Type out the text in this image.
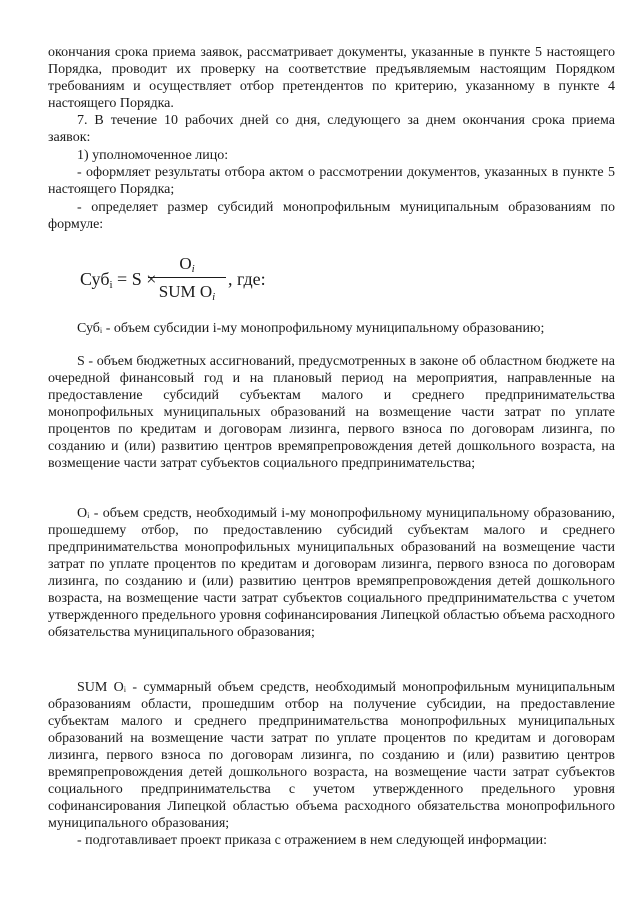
окончания срока приема заявок, рассматривает документы, указанные в пункте 5 настоящего Порядка, проводит их проверку на соответствие предъявляемым настоящим Порядком требованиям и осуществляет отбор претендентов по критерию, указанному в пункте 4 настоящего Порядка.

7. В течение 10 рабочих дней со дня, следующего за днем окончания срока приема заявок:

1) уполномоченное лицо:

- оформляет результаты отбора актом о рассмотрении документов, указанных в пункте 5 настоящего Порядка;

- определяет размер субсидий монопрофильным муниципальным образованиям по формуле:

Субi = S ×
$O_i$
SUM $O_i$
, где:

Субᵢ - объем субсидии i-му монопрофильному муниципальному образованию;

S - объем бюджетных ассигнований, предусмотренных в законе об областном бюджете на очередной финансовый год и на плановый период на мероприятия, направленные на предоставление субсидий субъектам малого и среднего предпринимательства монопрофильных муниципальных образований на возмещение части затрат по уплате процентов по кредитам и договорам лизинга, первого взноса по договорам лизинга, по созданию и (или) развитию центров времяпрепровождения детей дошкольного возраста, на возмещение части затрат субъектов социального предпринимательства;

Oᵢ - объем средств, необходимый i-му монопрофильному муниципальному образованию, прошедшему отбор, по предоставлению субсидий субъектам малого и среднего предпринимательства монопрофильных муниципальных образований на возмещение части затрат по уплате процентов по кредитам и договорам лизинга, первого взноса по договорам лизинга, по созданию и (или) развитию центров времяпрепровождения детей дошкольного возраста, на возмещение части затрат субъектов социального предпринимательства с учетом утвержденного предельного уровня софинансирования Липецкой областью объема расходного обязательства муниципального образования;

SUM Oᵢ - суммарный объем средств, необходимый монопрофильным муниципальным образованиям области, прошедшим отбор на получение субсидии, на предоставление субъектам малого и среднего предпринимательства монопрофильных муниципальных образований на возмещение части затрат по уплате процентов по кредитам и договорам лизинга, первого взноса по договорам лизинга, по созданию и (или) развитию центров времяпрепровождения детей дошкольного возраста, на возмещение части затрат субъектов социального предпринимательства с учетом утвержденного предельного уровня софинансирования Липецкой областью объема расходного обязательства монопрофильного муниципального образования;

- подготавливает проект приказа с отражением в нем следующей информации:
